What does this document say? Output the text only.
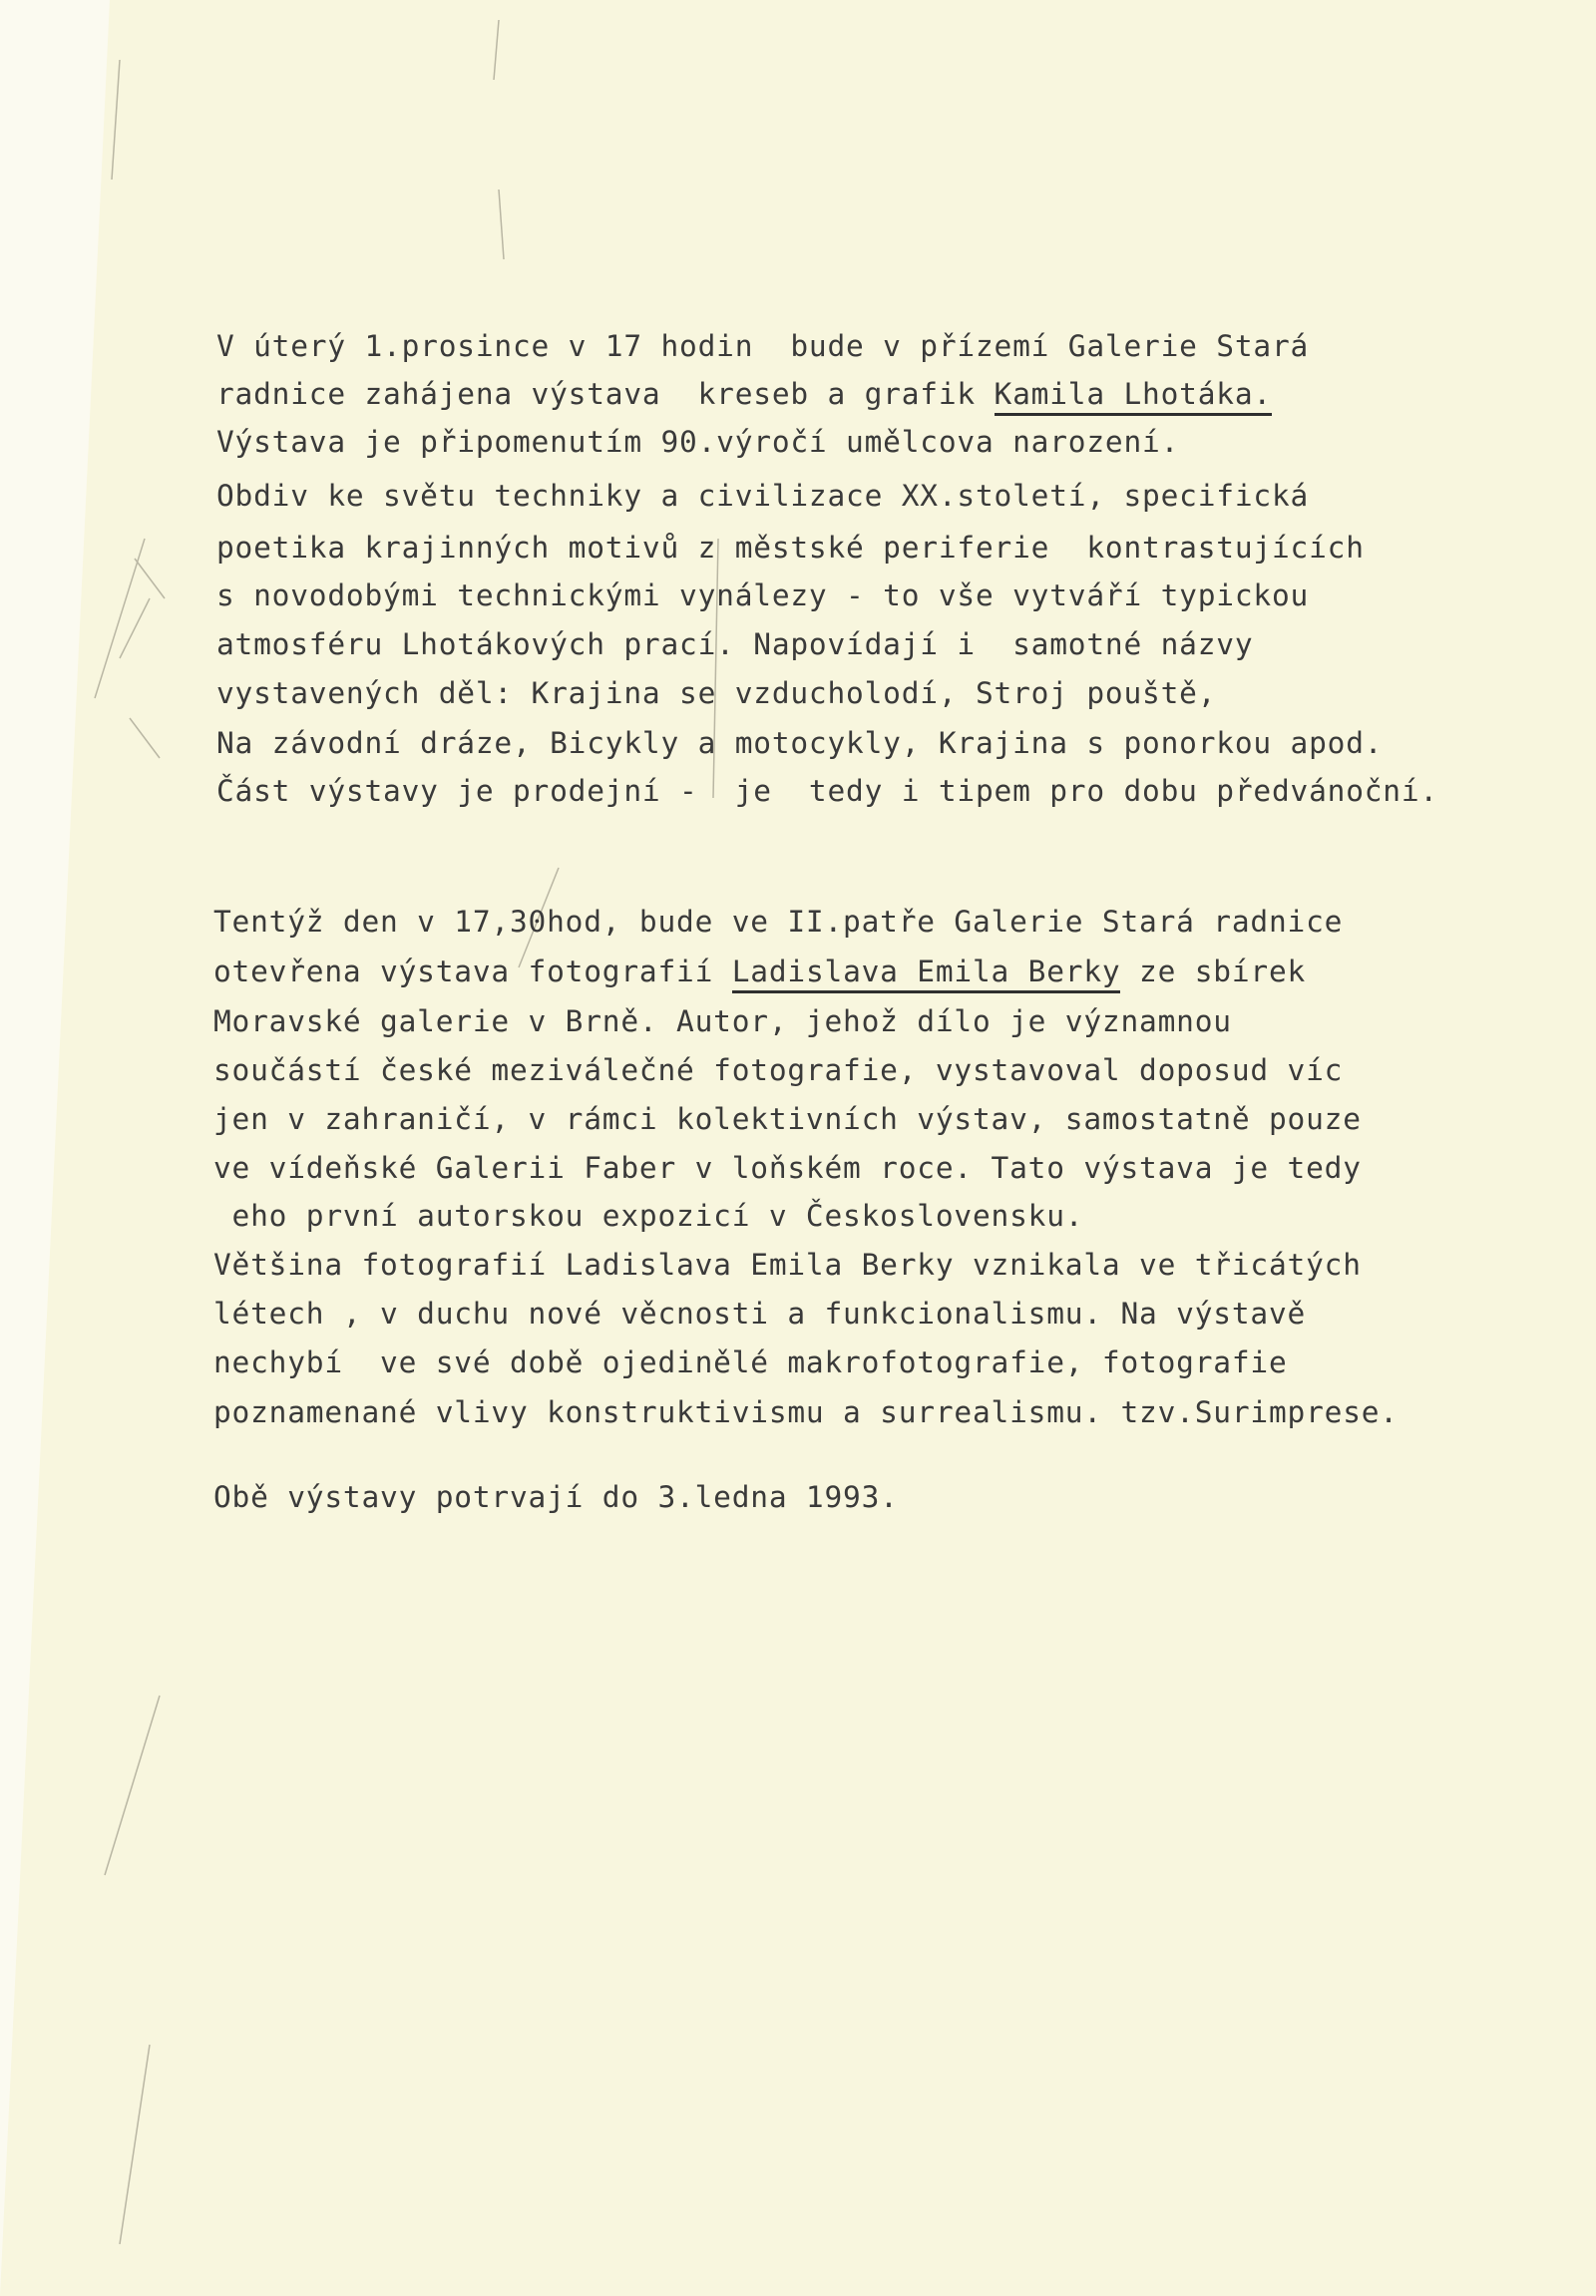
V úterý 1.prosince v 17 hodin  bude v přízemí Galerie Stará
radnice zahájena výstava  kreseb a grafik Kamila Lhotáka.
Výstava je připomenutím 90.výročí umělcova narození.
Obdiv ke světu techniky a civilizace XX.století, specifická
poetika krajinných motivů z městské periferie  kontrastujících
s novodobými technickými vynálezy - to vše vytváří typickou
atmosféru Lhotákových prací. Napovídají i  samotné názvy
vystavených děl: Krajina se vzducholodí, Stroj pouště,
Na závodní dráze, Bicykly a motocykly, Krajina s ponorkou apod.
Část výstavy je prodejní -  je  tedy i tipem pro dobu předvánoční.
Tentýž den v 17,30hod, bude ve II.patře Galerie Stará radnice
otevřena výstava fotografií Ladislava Emila Berky ze sbírek
Moravské galerie v Brně. Autor, jehož dílo je významnou
součástí české meziválečné fotografie, vystavoval doposud víc
jen v zahraničí, v rámci kolektivních výstav, samostatně pouze
ve vídeňské Galerii Faber v loňském roce. Tato výstava je tedy
eho první autorskou expozicí v Československu.
Většina fotografií Ladislava Emila Berky vznikala ve třicátých
létech , v duchu nové věcnosti a funkcionalismu. Na výstavě
nechybí  ve své době ojedinělé makrofotografie, fotografie
poznamenané vlivy konstruktivismu a surrealismu. tzv.Surimprese.
Obě výstavy potrvají do 3.ledna 1993.
